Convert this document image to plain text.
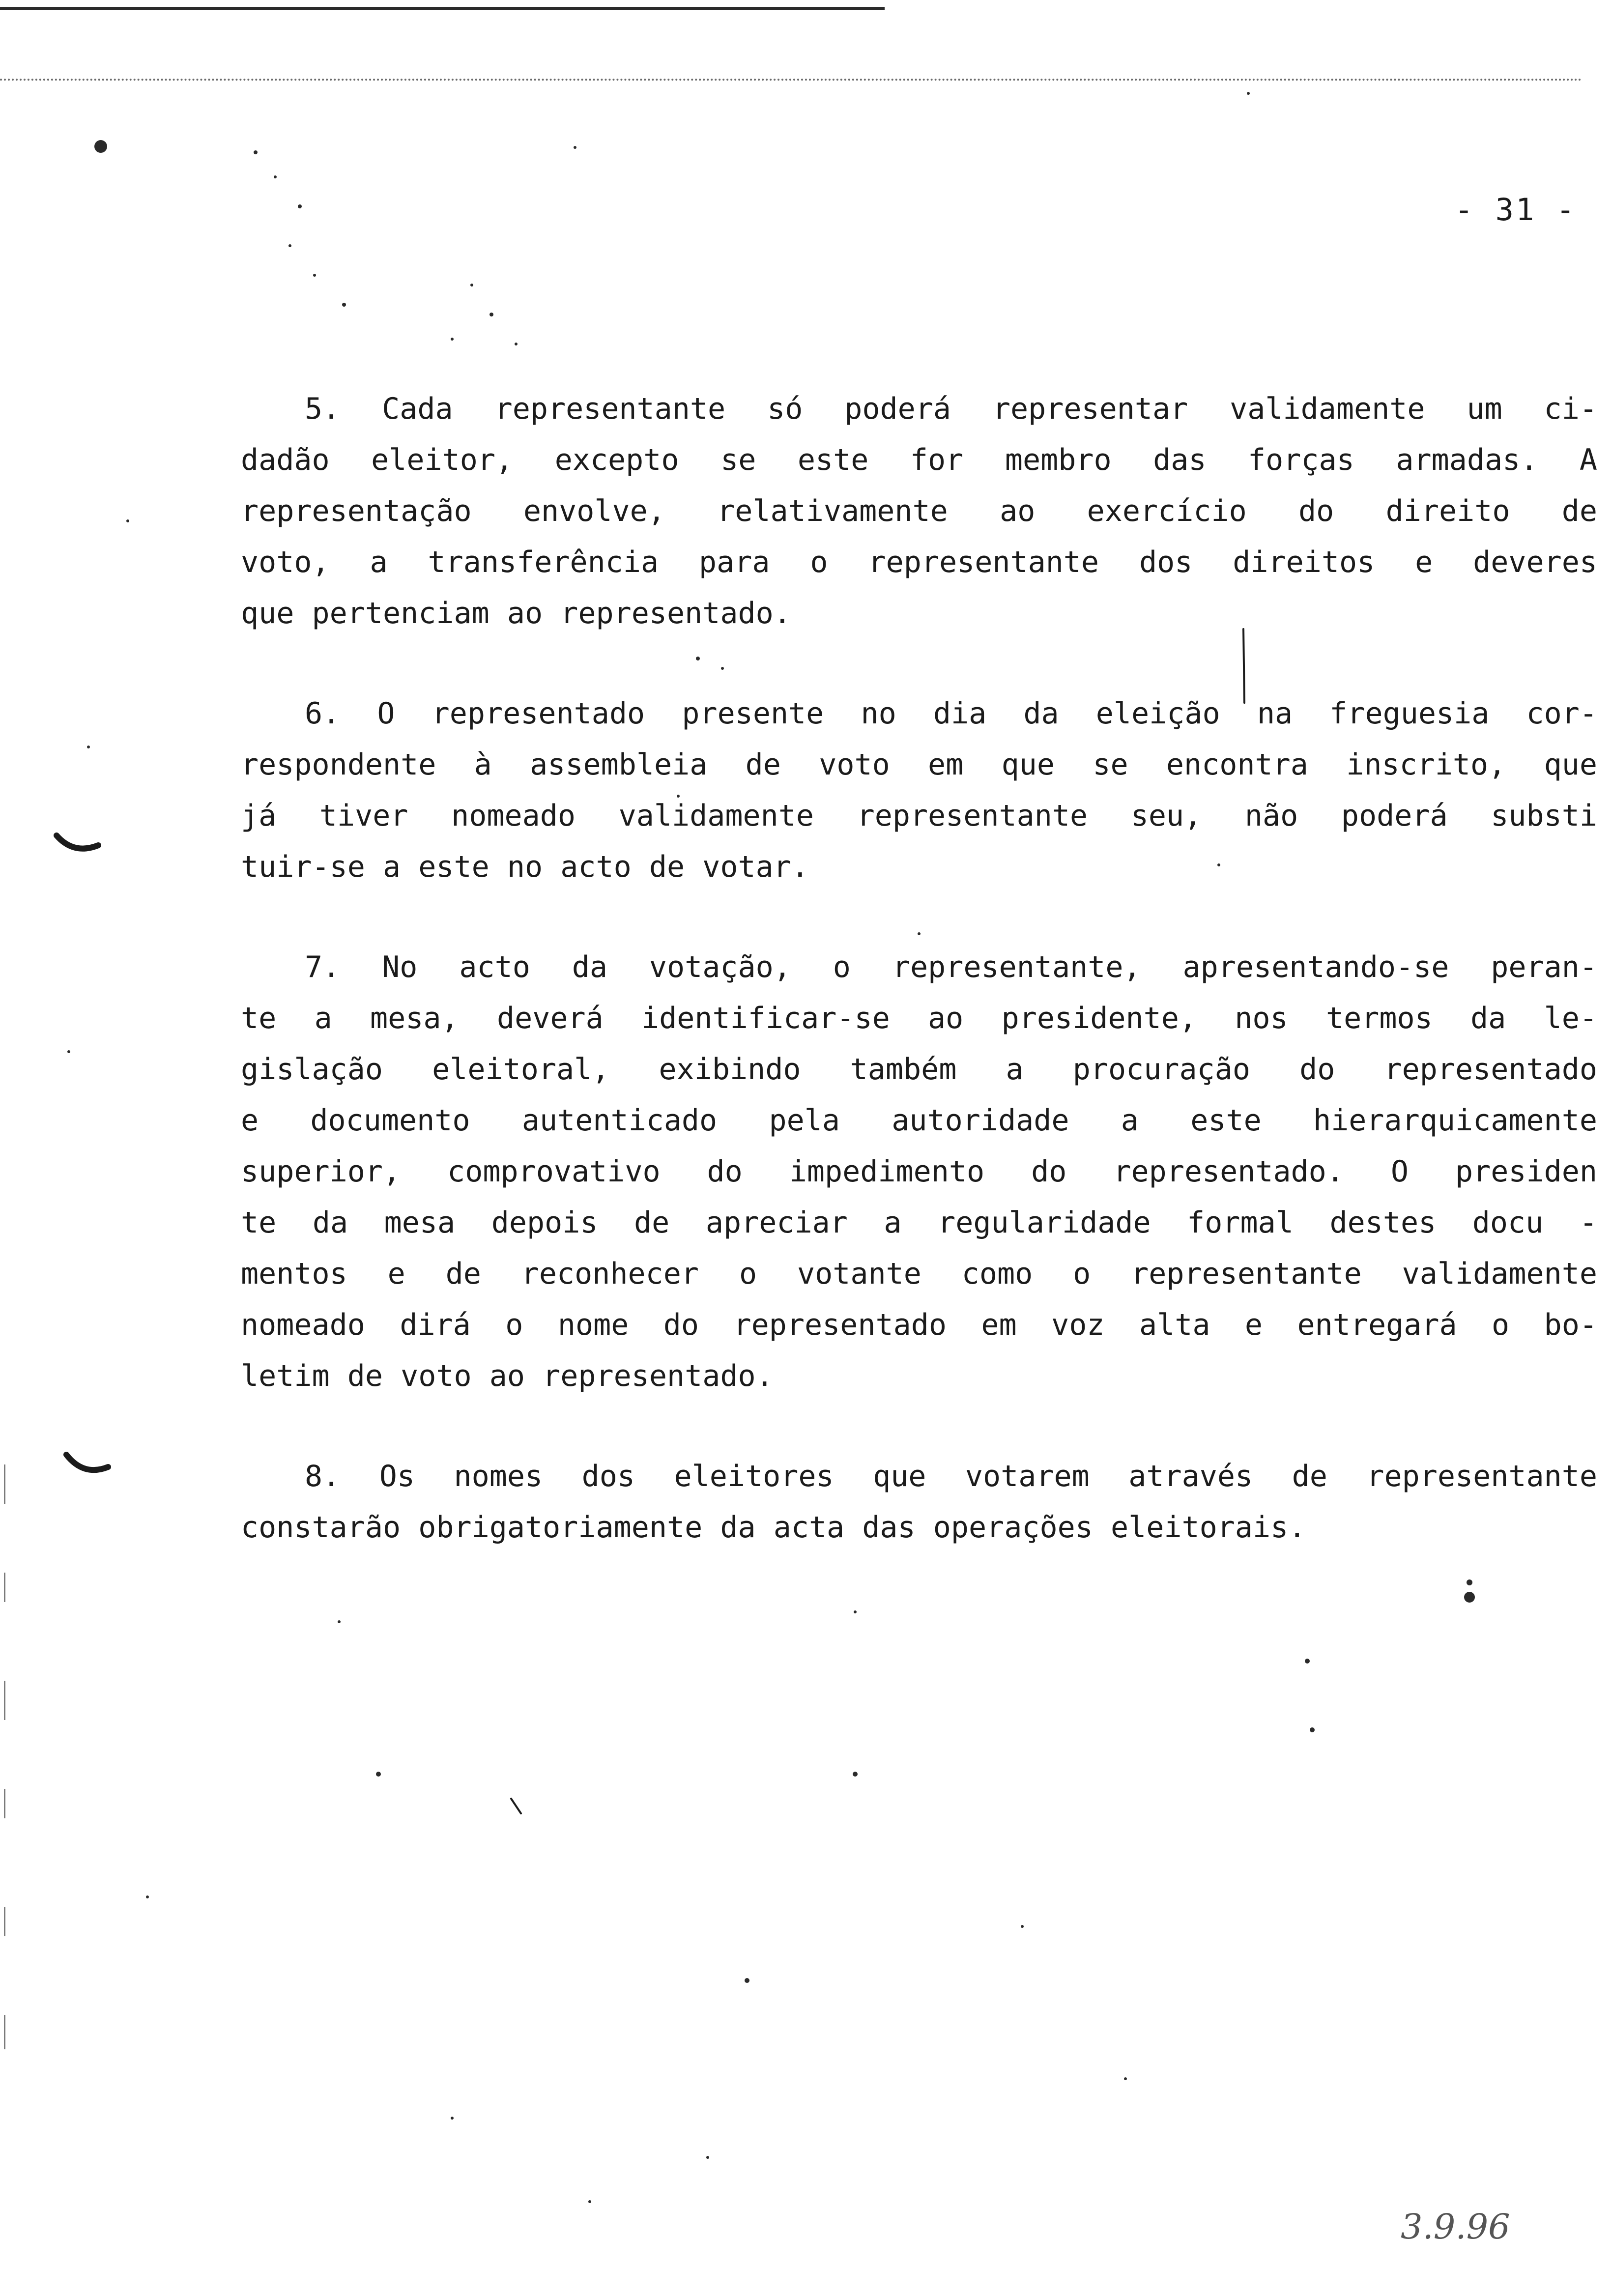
- 31 -

5. Cada representante só poderá representar validamente um ci-
dadão eleitor, excepto se este for membro das forças armadas. A
representação envolve, relativamente ao exercício do direito de
voto, a transferência para o representante dos direitos e deveres
que pertenciam ao representado.

6. O representado presente no dia da eleição na freguesia cor-
respondente à assembleia de voto em que se encontra inscrito, que
já tiver nomeado validamente representante seu, não poderá substi
tuir-se a este no acto de votar.

7. No acto da votação, o representante, apresentando-se peran-
te a mesa, deverá identificar-se ao presidente, nos termos da le-
gislação eleitoral, exibindo também a procuração do representado
e documento autenticado pela autoridade a este hierarquicamente
superior, comprovativo do impedimento do representado. O presiden
te da mesa depois de apreciar a regularidade formal destes docu -
mentos e de reconhecer o votante como o representante validamente
nomeado dirá o nome do representado em voz alta e entregará o bo-
letim de voto ao representado.

8. Os nomes dos eleitores que votarem através de representante
constarão obrigatoriamente da acta das operações eleitorais.

3.9.96
